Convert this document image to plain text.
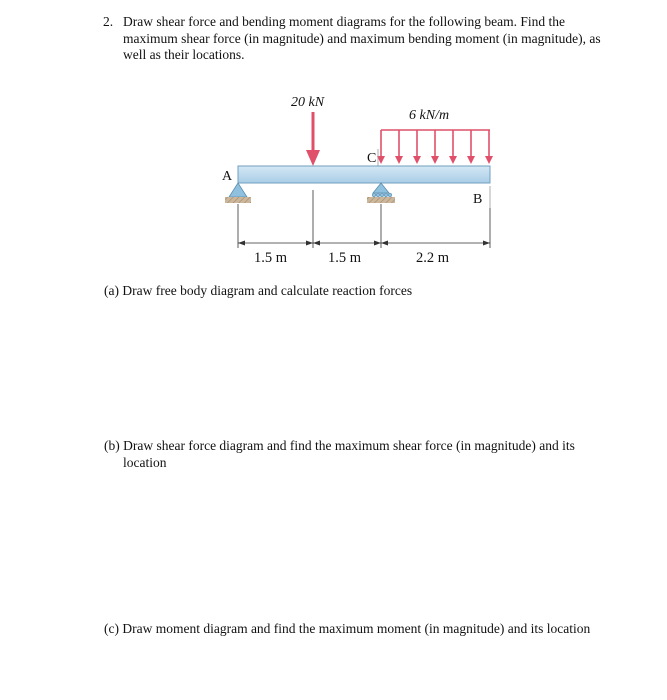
2. Draw shear force and bending moment diagrams for the following beam. Find the
maximum shear force (in magnitude) and maximum bending moment (in magnitude), as
well as their locations.
20 kN
6 kN/m
C
A
B
1.5 m	1.5 m	2.2 m
(a) Draw free body diagram and calculate reaction forces
(b) Draw shear force diagram and find the maximum shear force (in magnitude) and its
location
(c) Draw moment diagram and find the maximum moment (in magnitude) and its location
